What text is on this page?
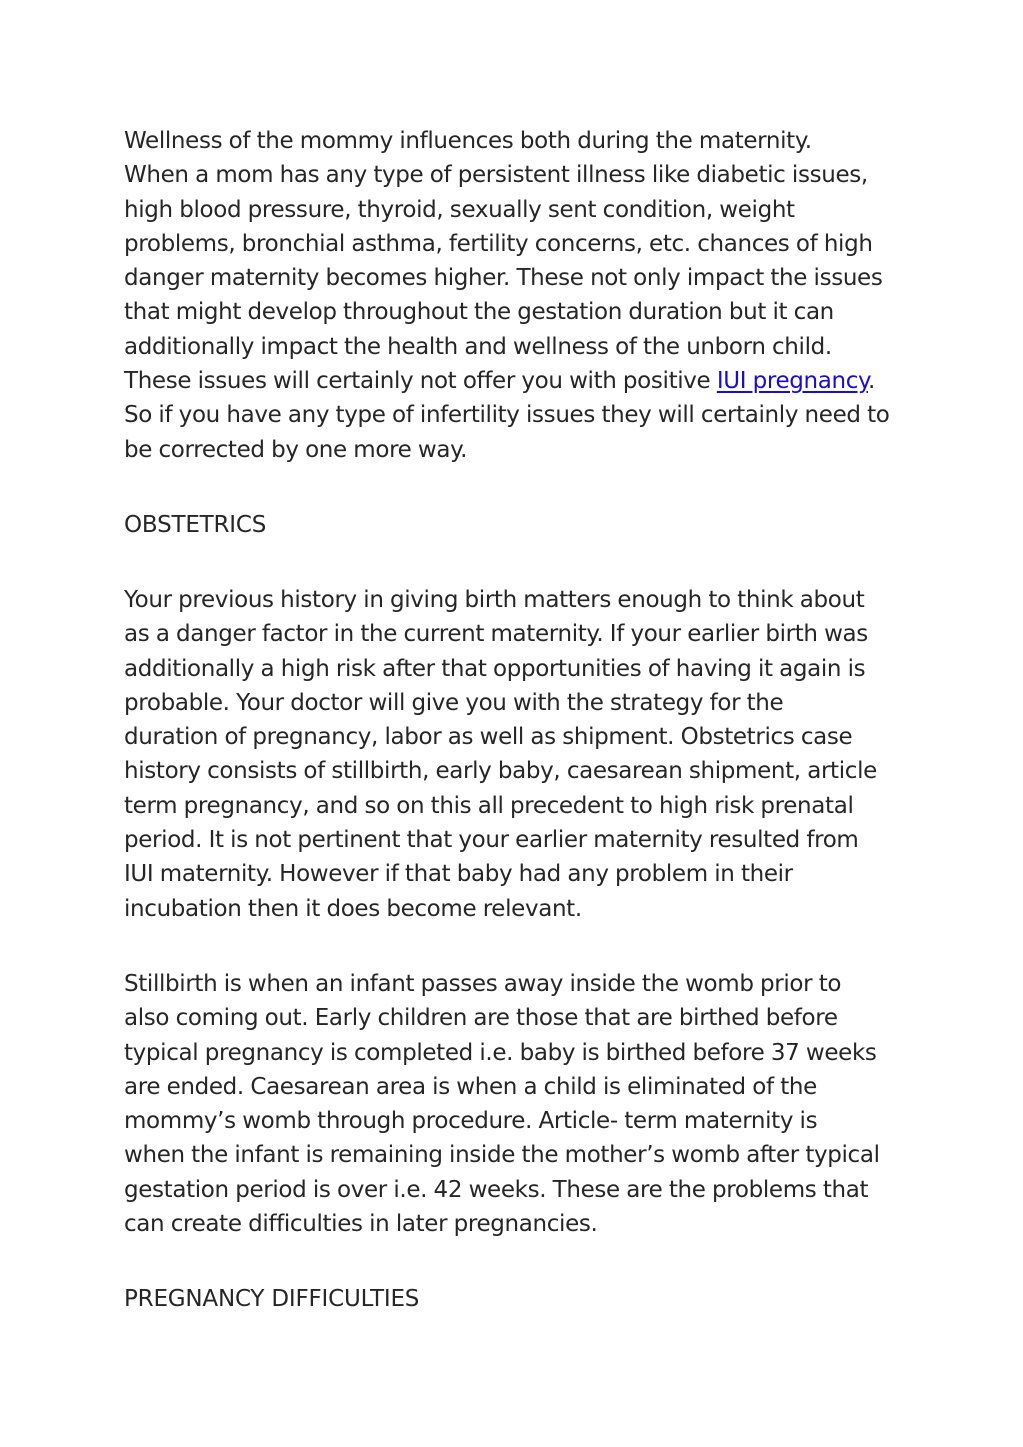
Wellness of the mommy influences both during the maternity.
When a mom has any type of persistent illness like diabetic issues,
high blood pressure, thyroid, sexually sent condition, weight
problems, bronchial asthma, fertility concerns, etc. chances of high
danger maternity becomes higher. These not only impact the issues
that might develop throughout the gestation duration but it can
additionally impact the health and wellness of the unborn child.
These issues will certainly not offer you with positive IUI pregnancy.
So if you have any type of infertility issues they will certainly need to
be corrected by one more way.

OBSTETRICS

Your previous history in giving birth matters enough to think about
as a danger factor in the current maternity. If your earlier birth was
additionally a high risk after that opportunities of having it again is
probable. Your doctor will give you with the strategy for the
duration of pregnancy, labor as well as shipment. Obstetrics case
history consists of stillbirth, early baby, caesarean shipment, article
term pregnancy, and so on this all precedent to high risk prenatal
period. It is not pertinent that your earlier maternity resulted from
IUI maternity. However if that baby had any problem in their
incubation then it does become relevant.

Stillbirth is when an infant passes away inside the womb prior to
also coming out. Early children are those that are birthed before
typical pregnancy is completed i.e. baby is birthed before 37 weeks
are ended. Caesarean area is when a child is eliminated of the
mommy’s womb through procedure. Article- term maternity is
when the infant is remaining inside the mother’s womb after typical
gestation period is over i.e. 42 weeks. These are the problems that
can create difficulties in later pregnancies.

PREGNANCY DIFFICULTIES
